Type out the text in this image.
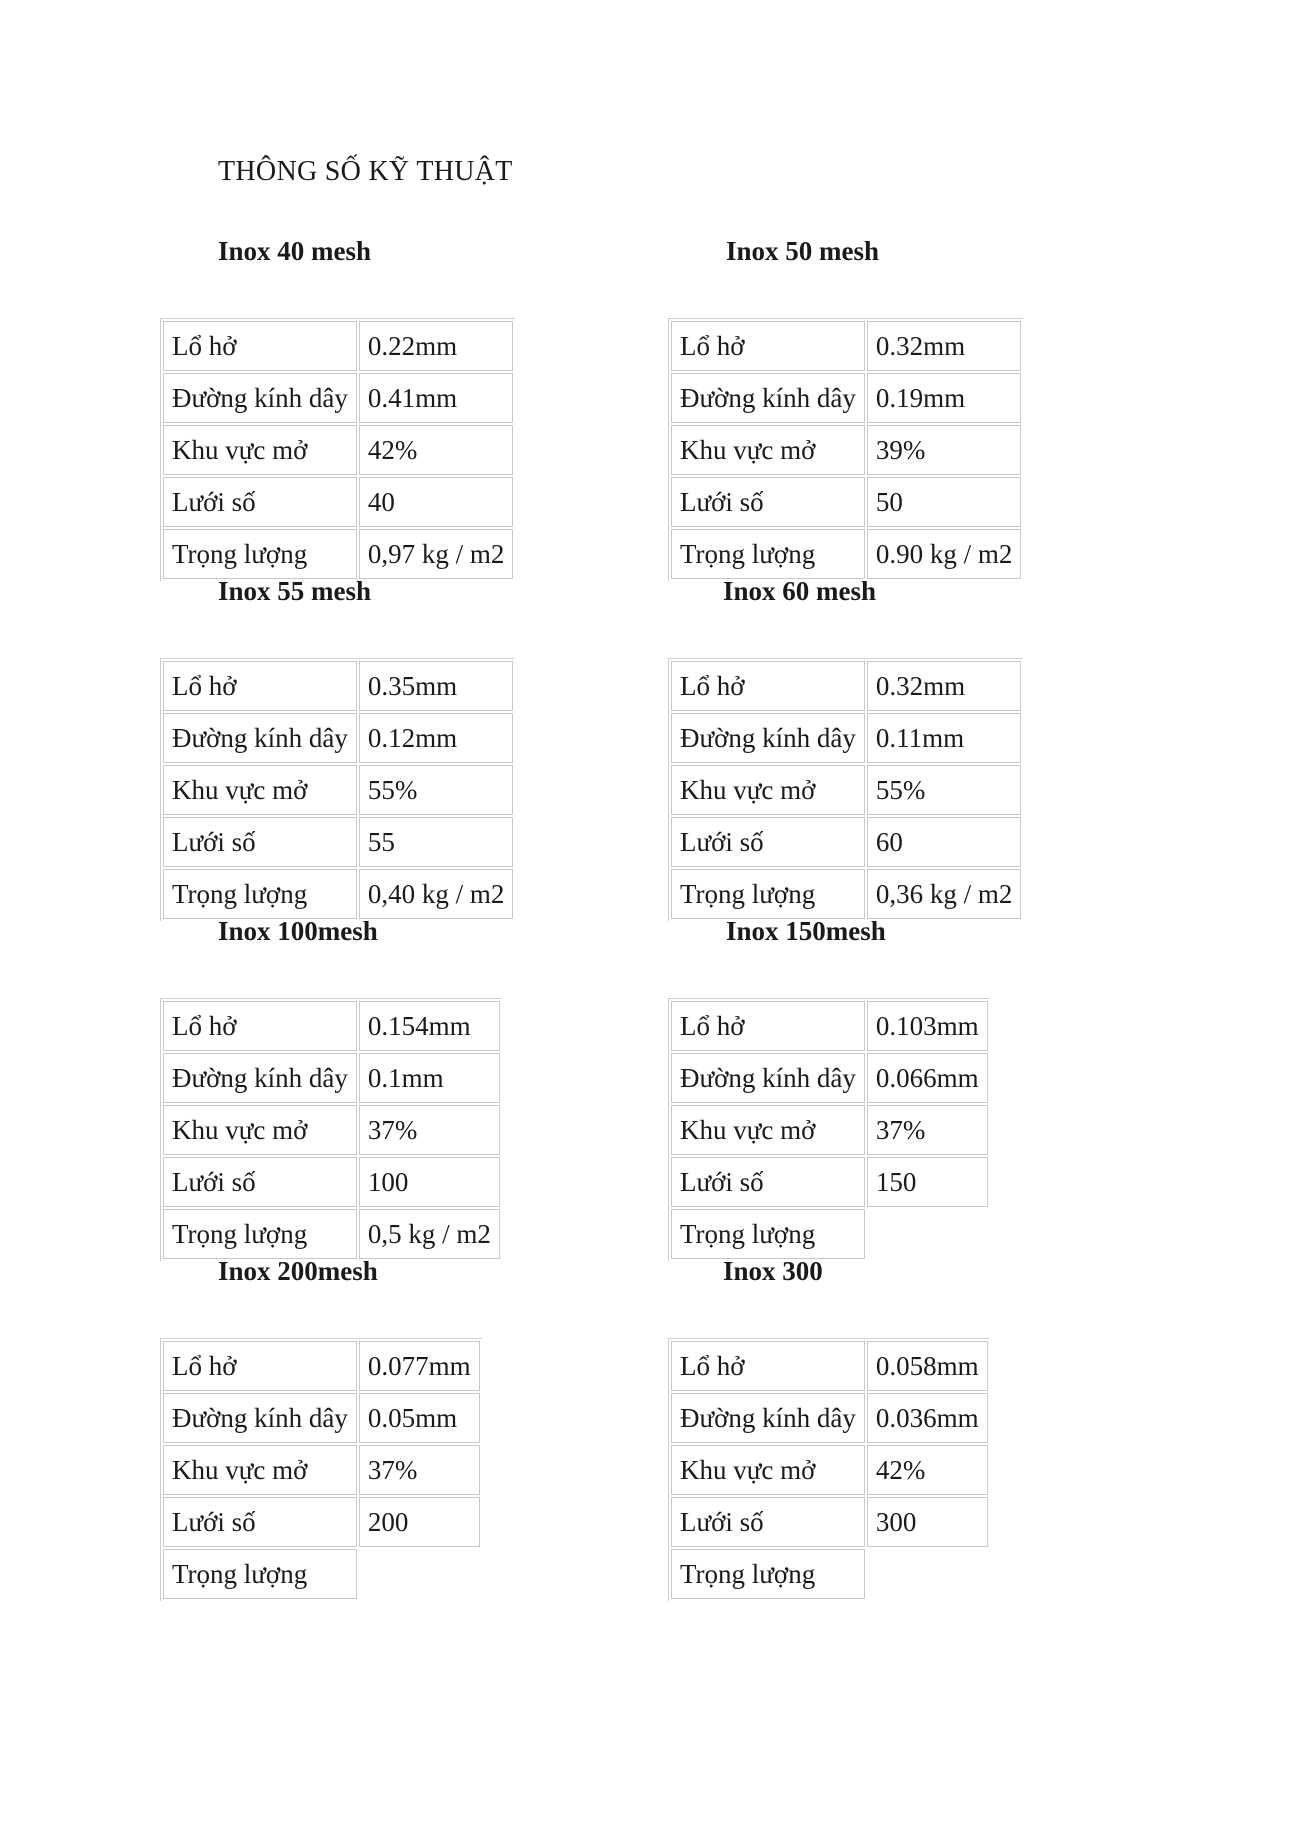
THÔNG SỐ KỸ THUẬT
Inox 40 mesh
Lổ hở	0.22mm
Đường kính dây	0.41mm
Khu vực mở	42%
Lưới số	40
Trọng lượng	0,97 kg / m2
Inox 50 mesh
Lổ hở	0.32mm
Đường kính dây	0.19mm
Khu vực mở	39%
Lưới số	50
Trọng lượng	0.90 kg / m2
Inox 55 mesh
Lổ hở	0.35mm
Đường kính dây	0.12mm
Khu vực mở	55%
Lưới số	55
Trọng lượng	0,40 kg / m2
Inox 60 mesh
Lổ hở	0.32mm
Đường kính dây	0.11mm
Khu vực mở	55%
Lưới số	60
Trọng lượng	0,36 kg / m2
Inox 100mesh
Lổ hở	0.154mm
Đường kính dây	0.1mm
Khu vực mở	37%
Lưới số	100
Trọng lượng	0,5 kg / m2
Inox 150mesh
Lổ hở	0.103mm
Đường kính dây	0.066mm
Khu vực mở	37%
Lưới số	150
Trọng lượng	
Inox 200mesh
Lổ hở	0.077mm
Đường kính dây	0.05mm
Khu vực mở	37%
Lưới số	200
Trọng lượng	
Inox 300
Lổ hở	0.058mm
Đường kính dây	0.036mm
Khu vực mở	42%
Lưới số	300
Trọng lượng	
